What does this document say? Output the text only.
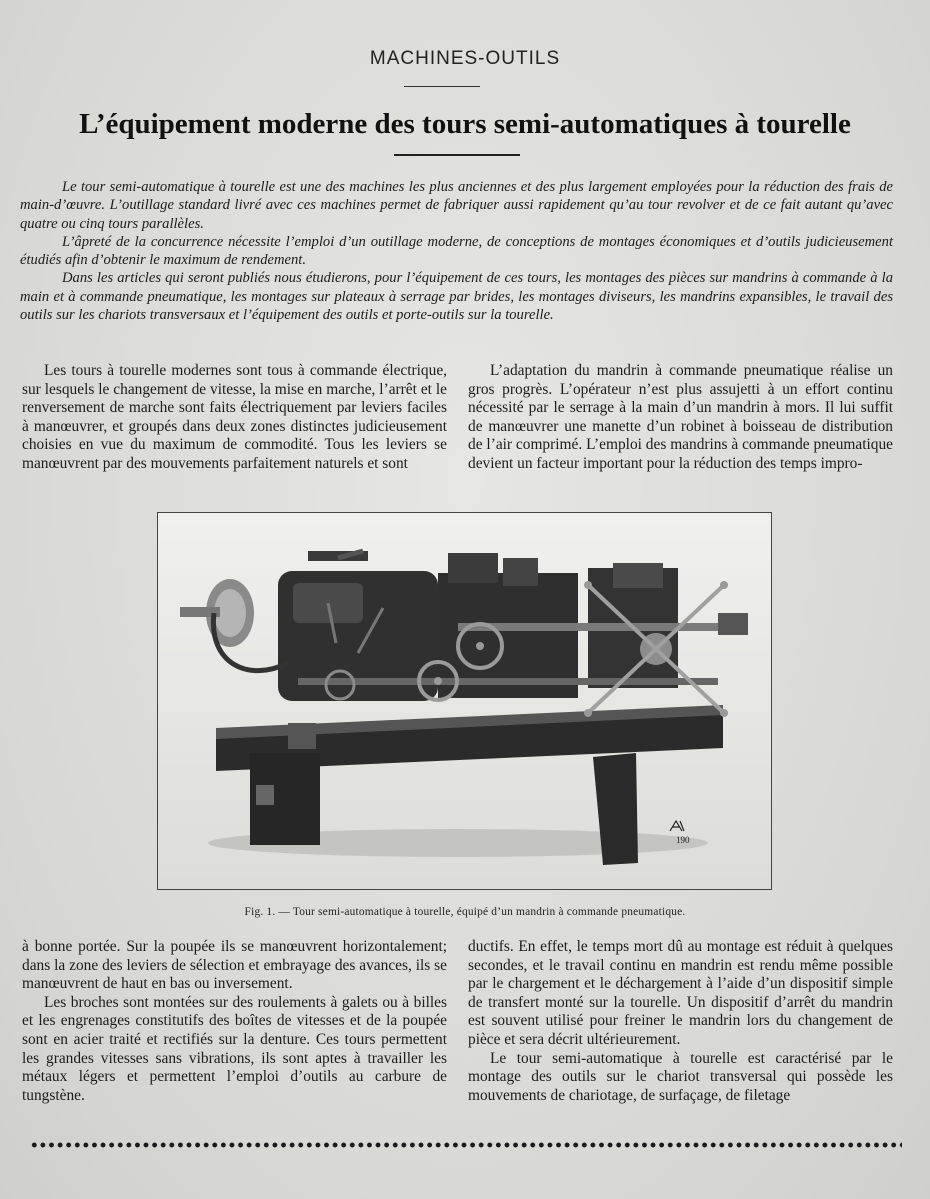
MACHINES-OUTILS
L’équipement moderne des tours semi-automatiques à tourelle

Le tour semi-automatique à tourelle est une des machines les plus anciennes et des plus largement employées pour la réduction des frais de main-d’œuvre. L’outillage standard livré avec ces machines permet de fabriquer aussi rapidement qu’au tour revolver et de ce fait autant qu’avec quatre ou cinq tours parallèles.

L’âpreté de la concurrence nécessite l’emploi d’un outillage moderne, de conceptions de montages économiques et d’outils judicieusement étudiés afin d’obtenir le maximum de rendement.

Dans les articles qui seront publiés nous étudierons, pour l’équipement de ces tours, les montages des pièces sur mandrins à commande à la main et à commande pneumatique, les montages sur plateaux à serrage par brides, les montages diviseurs, les mandrins expansibles, le travail des outils sur les chariots transversaux et l’équipement des outils et porte-outils sur la tourelle.

Les tours à tourelle modernes sont tous à commande électrique, sur lesquels le changement de vitesse, la mise en marche, l’arrêt et le renversement de marche sont faits électriquement par leviers faciles à manœuvrer, et groupés dans deux zones distinctes judicieusement choisies en vue du maximum de commodité. Tous les leviers se manœuvrent par des mouvements parfaitement naturels et sont

L’adaptation du mandrin à commande pneumatique réalise un gros progrès. L’opérateur n’est plus assujetti à un effort continu nécessité par le serrage à la main d’un mandrin à mors. Il lui suffit de manœuvrer une manette d’un robinet à boisseau de distribution de l’air comprimé. L’emploi des mandrins à commande pneumatique devient un facteur important pour la réduction des temps impro-

190
Fig. 1. — Tour semi-automatique à tourelle, équipé d’un mandrin à commande pneumatique.

à bonne portée. Sur la poupée ils se manœuvrent horizontalement; dans la zone des leviers de sélection et embrayage des avances, ils se manœuvrent de haut en bas ou inversement.

Les broches sont montées sur des roulements à galets ou à billes et les engrenages constitutifs des boîtes de vitesses et de la poupée sont en acier traité et rectifiés sur la denture. Ces tours permettent les grandes vitesses sans vibrations, ils sont aptes à travailler les métaux légers et permettent l’emploi d’outils au carbure de tungstène.

ductifs. En effet, le temps mort dû au montage est réduit à quelques secondes, et le travail continu en mandrin est rendu même possible par le chargement et le déchargement à l’aide d’un dispositif simple de transfert monté sur la tourelle. Un dispositif d’arrêt du mandrin est souvent utilisé pour freiner le mandrin lors du changement de pièce et sera décrit ultérieurement.

Le tour semi-automatique à tourelle est caractérisé par le montage des outils sur le chariot transversal qui possède les mouvements de chariotage, de surfaçage, de filetage
